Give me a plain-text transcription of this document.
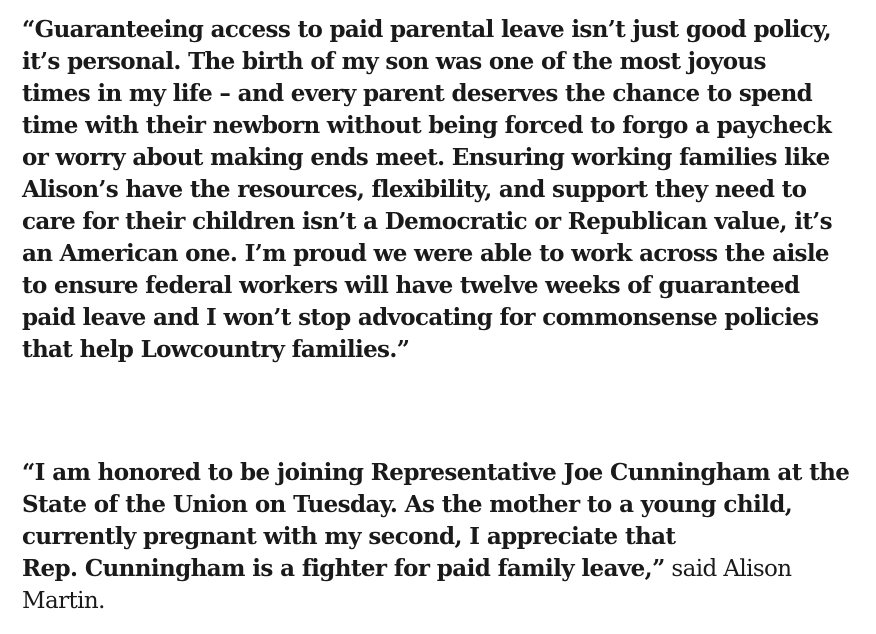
“Guaranteeing access to paid parental leave isn’t just good policy,
it’s personal. The birth of my son was one of the most joyous
times in my life – and every parent deserves the chance to spend
time with their newborn without being forced to forgo a paycheck
or worry about making ends meet. Ensuring working families like
Alison’s have the resources, flexibility, and support they need to
care for their children isn’t a Democratic or Republican value, it’s
an American one. I’m proud we were able to work across the aisle
to ensure federal workers will have twelve weeks of guaranteed
paid leave and I won’t stop advocating for commonsense policies
that help Lowcountry families.”

“I am honored to be joining Representative Joe Cunningham at the
State of the Union on Tuesday. As the mother to a young child,
currently pregnant with my second, I appreciate that
Rep. Cunningham is a fighter for paid family leave,” said Alison
Martin.
